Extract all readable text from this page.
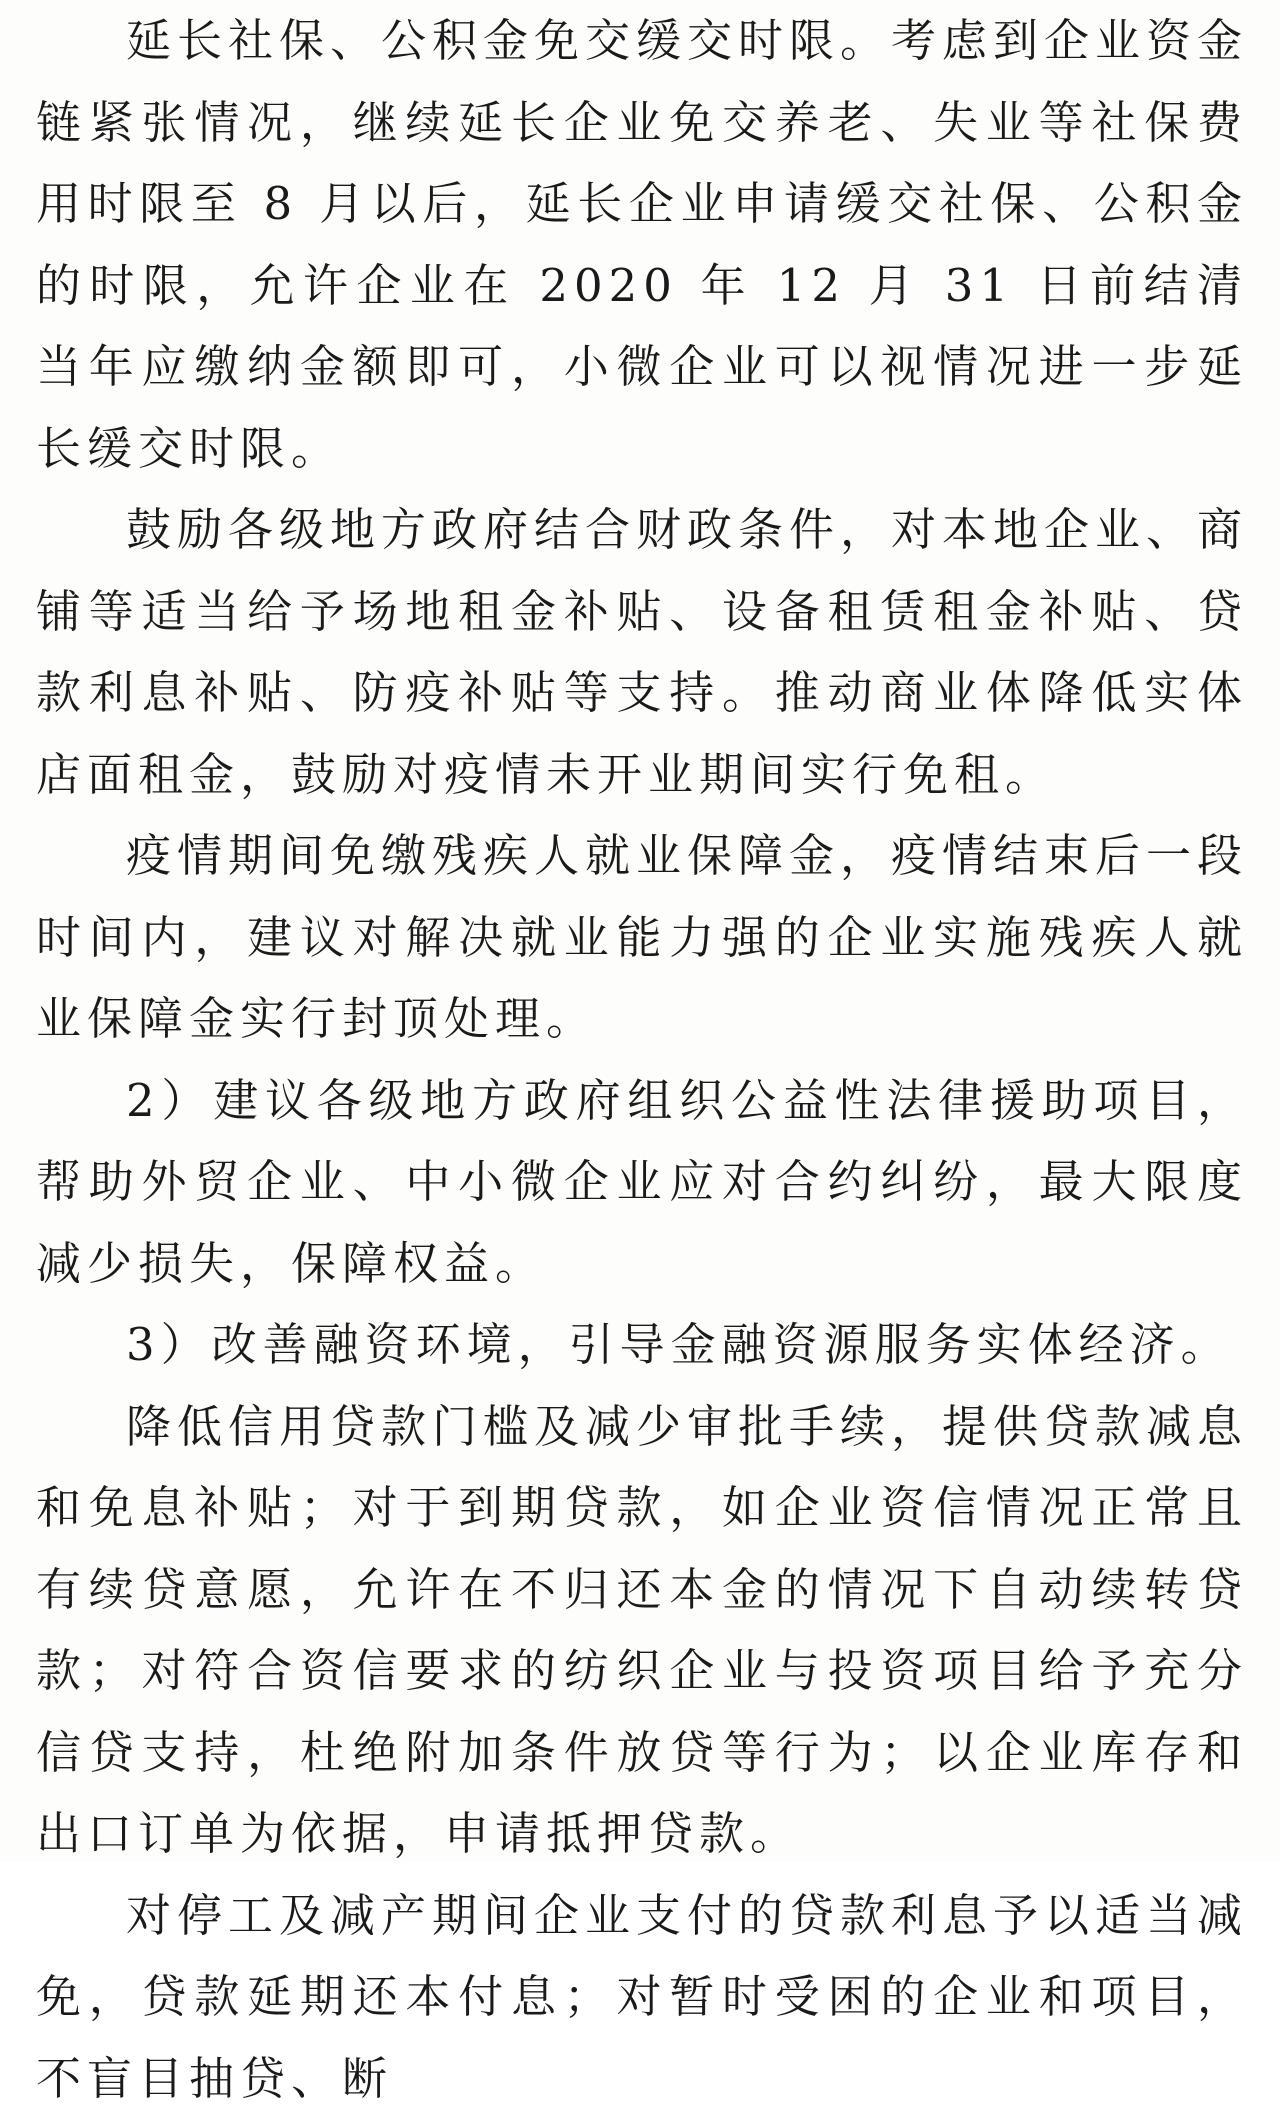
延长社保、公积金免交缓交时限。考虑到企业资金链紧张情况，继续延长企业免交养老、失业等社保费用时限至 8 月以后，延长企业申请缓交社保、公积金的时限，允许企业在 2020 年 12 月 31 日前结清当年应缴纳金额即可，小微企业可以视情况进一步延长缓交时限。

鼓励各级地方政府结合财政条件，对本地企业、商铺等适当给予场地租金补贴、设备租赁租金补贴、贷款利息补贴、防疫补贴等支持。推动商业体降低实体店面租金，鼓励对疫情未开业期间实行免租。

疫情期间免缴残疾人就业保障金，疫情结束后一段时间内，建议对解决就业能力强的企业实施残疾人就业保障金实行封顶处理。

2）建议各级地方政府组织公益性法律援助项目，帮助外贸企业、中小微企业应对合约纠纷，最大限度减少损失，保障权益。

3）改善融资环境，引导金融资源服务实体经济。

降低信用贷款门槛及减少审批手续，提供贷款减息和免息补贴；对于到期贷款，如企业资信情况正常且有续贷意愿，允许在不归还本金的情况下自动续转贷款；对符合资信要求的纺织企业与投资项目给予充分信贷支持，杜绝附加条件放贷等行为；以企业库存和出口订单为依据，申请抵押贷款。

对停工及减产期间企业支付的贷款利息予以适当减免，贷款延期还本付息；对暂时受困的企业和项目，不盲目抽贷、断
